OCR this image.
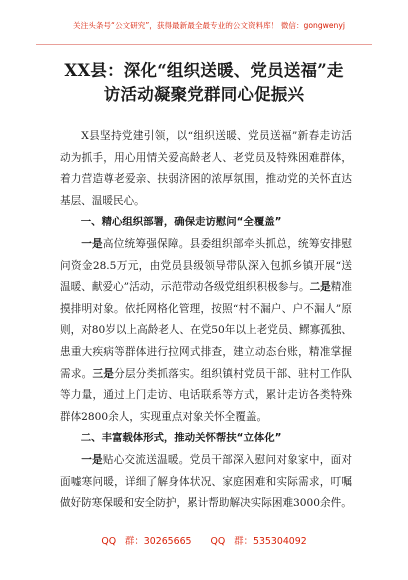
关注头条号“公文研究”，获得最新最全最专业的公文资料库！ 微信：gongwenyj
XX县：深化“组织送暖、党员送福”走
访活动凝聚党群同心促振兴

X县坚持党建引领，以“组织送暖、党员送福”新春走访活动为抓手，用心用情关爱高龄老人、老党员及特殊困难群体，着力营造尊老爱亲、扶弱济困的浓厚氛围，推动党的关怀直达基层、温暖民心。

一、精心组织部署，确保走访慰问“全覆盖”

一是高位统筹强保障。县委组织部牵头抓总，统筹安排慰问资金28.5万元，由党员县级领导带队深入包抓乡镇开展“送温暖、献爱心”活动，示范带动各级党组织积极参与。二是精准摸排明对象。依托网格化管理，按照“村不漏户、户不漏人”原则，对80岁以上高龄老人、在党50年以上老党员、鳏寡孤独、患重大疾病等群体进行拉网式排查，建立动态台账，精准掌握需求。三是分层分类抓落实。组织镇村党员干部、驻村工作队等力量，通过上门走访、电话联系等方式，累计走访各类特殊群体2800余人，实现重点对象关怀全覆盖。

二、丰富载体形式，推动关怀帮扶“立体化”

一是贴心交流送温暖。党员干部深入慰问对象家中，面对面嘘寒问暖，详细了解身体状况、家庭困难和实际需求，叮嘱做好防寒保暖和安全防护，累计帮助解决实际困难3000余件。

QQ 群：30265665 QQ 群：535304092
